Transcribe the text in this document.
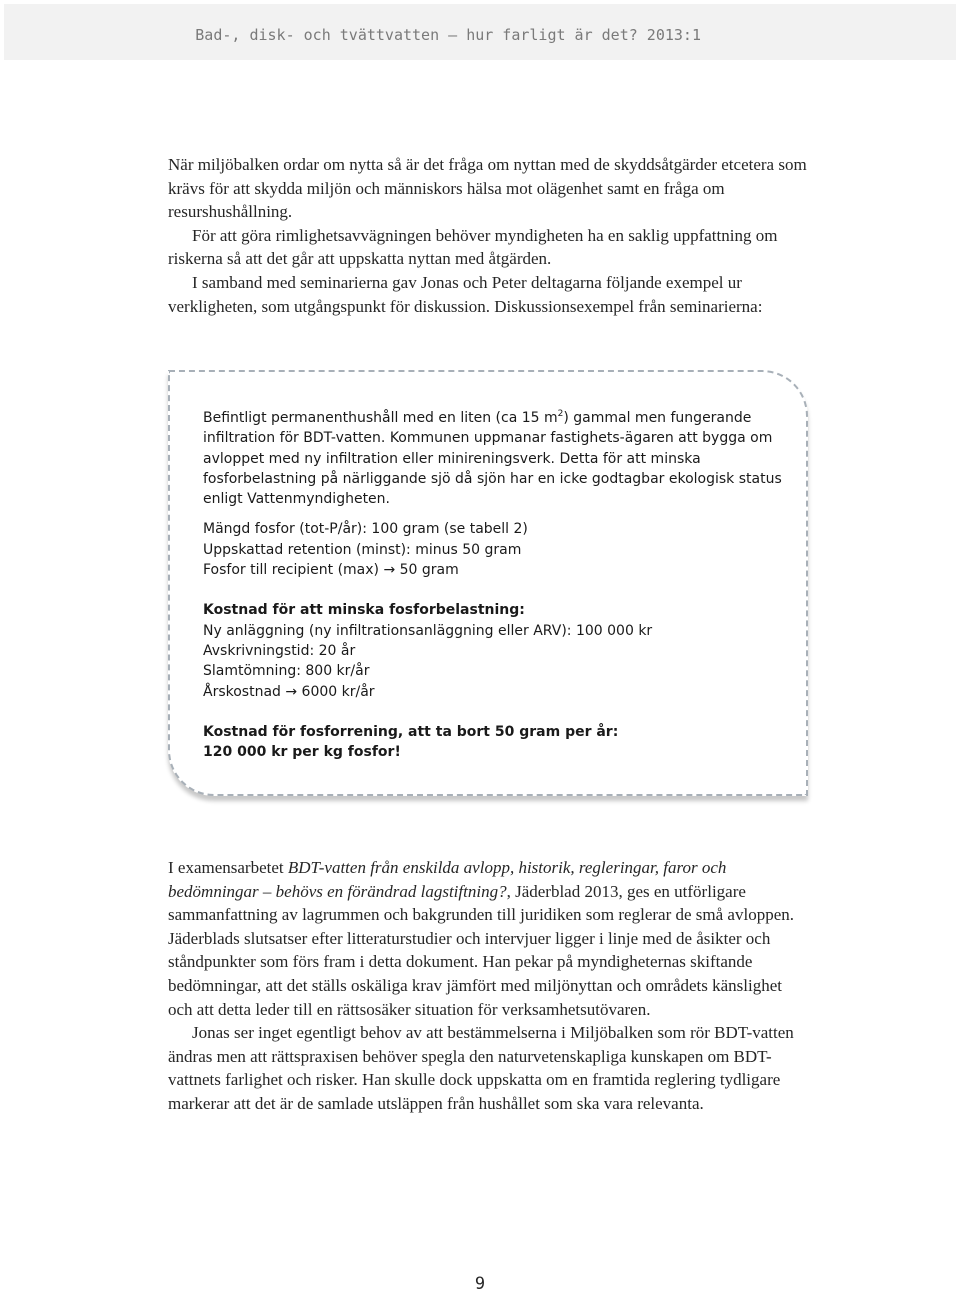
Bad-, disk- och tvättvatten – hur farligt är det? 2013:1

När miljöbalken ordar om nytta så är det fråga om nyttan med de skyddsåtgärder etcetera som krävs för att skydda miljön och människors hälsa mot olägenhet samt en fråga om resurshushållning.

För att göra rimlighetsavvägningen behöver myndigheten ha en saklig uppfattning om riskerna så att det går att uppskatta nyttan med åtgärden.

I samband med seminarierna gav Jonas och Peter deltagarna följande exempel ur verkligheten, som utgångspunkt för diskussion. Diskussionsexempel från seminarierna:

Befintligt permanenthushåll med en liten (ca 15 $m^2$) gammal men fungerande infiltration för BDT-vatten. Kommunen uppmanar fastighets-ägaren att bygga om avloppet med ny infiltration eller minireningsverk. Detta för att minska fosforbelastning på närliggande sjö då sjön har en icke godtagbar ekologisk status enligt Vattenmyndigheten.

Mängd fosfor (tot-P/år): 100 gram (se tabell 2)

Uppskattad retention (minst): minus 50 gram

Fosfor till recipient (max) → 50 gram

Kostnad för att minska fosforbelastning:

Ny anläggning (ny infiltrationsanläggning eller ARV): 100 000 kr

Avskrivningstid: 20 år

Slamtömning: 800 kr/år

Årskostnad → 6000 kr/år

Kostnad för fosforrening, att ta bort 50 gram per år:

120 000 kr per kg fosfor!

I examensarbetet BDT-vatten från enskilda avlopp, historik, regleringar, faror och bedömningar – behövs en förändrad lagstiftning?, Jäderblad 2013, ges en utförligare sammanfattning av lagrummen och bakgrunden till juridiken som reglerar de små avloppen. Jäderblads slutsatser efter litteraturstudier och intervjuer ligger i linje med de åsikter och ståndpunkter som förs fram i detta dokument. Han pekar på myndigheternas skiftande bedömningar, att det ställs oskäliga krav jämfört med miljönyttan och områdets känslighet och att detta leder till en rättsosäker situation för verksamhetsutövaren.

Jonas ser inget egentligt behov av att bestämmelserna i Miljöbalken som rör BDT-vatten ändras men att rättspraxisen behöver spegla den naturvetenskapliga kunskapen om BDT-vattnets farlighet och risker. Han skulle dock uppskatta om en framtida reglering tydligare markerar att det är de samlade utsläppen från hushållet som ska vara relevanta.

9
